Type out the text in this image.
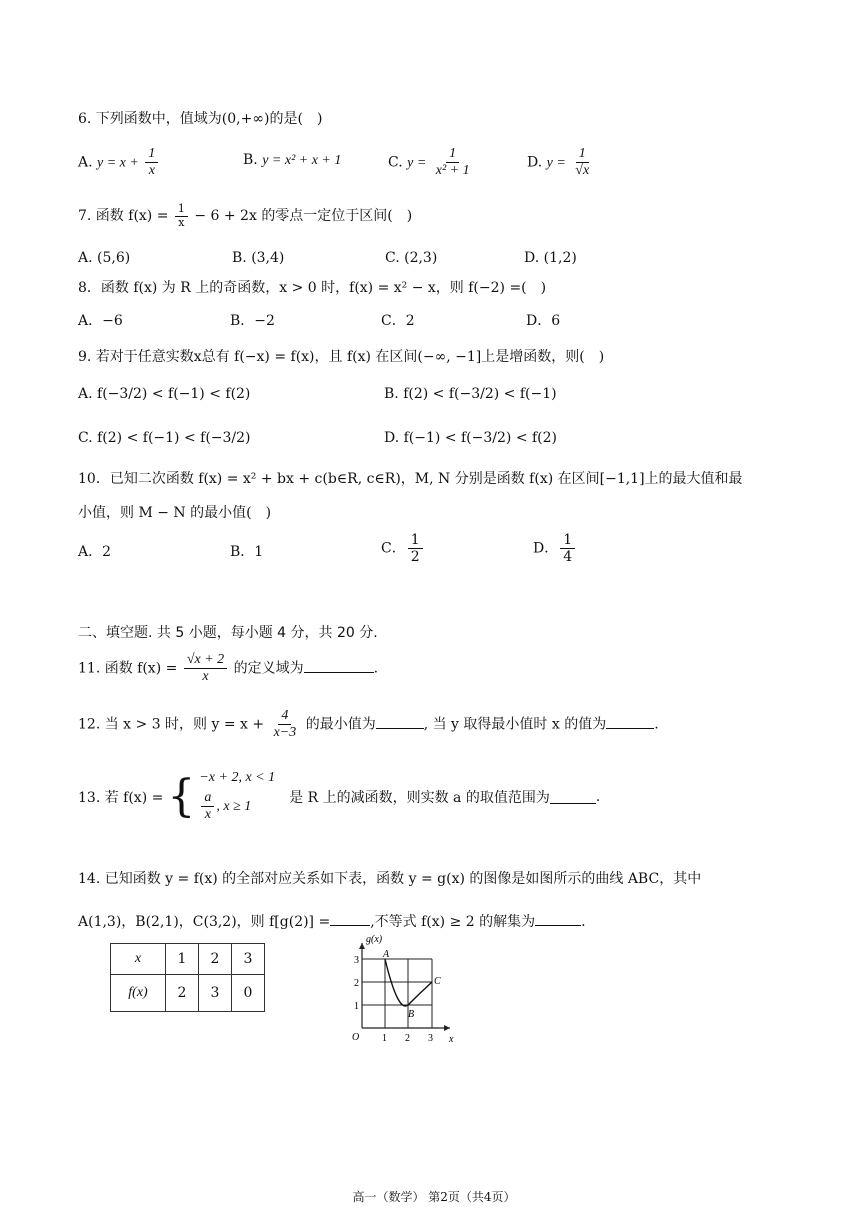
6. 下列函数中，值域为(0,+∞)的是(　)
A. $y = x + \frac{1}{x}$	B. y = x² + x + 1	C. $y = \frac{1}{\text{x² + 1}}$	D. $y = \frac{1}{√x}$
7. 函数 $f(x) = \frac{1}{x} - 6 + 2x$ 的零点一定位于区间(　)
A. (5,6)	B. (3,4)	C. (2,3)	D. (1,2)
8．函数 f(x) 为 R 上的奇函数，x > 0 时，f(x) = x² − x，则 f(−2) =(　)
A．−6	B．−2	C．2	D．6
9. 若对于任意实数x总有 f(−x) = f(x)，且 f(x) 在区间(−∞, −1]上是增函数，则(　)
A. f(−3/2) < f(−1) < f(2)	B. f(2) < f(−3/2) < f(−1)
C. f(2) < f(−1) < f(−3/2)	D. f(−1) < f(−3/2) < f(2)
10．已知二次函数 f(x) = x² + bx + c(b∈R, c∈R)，M, N 分别是函数 f(x) 在区间[−1,1]上的最大值和最
小值，则 M − N 的最小值(　)
A．2	B．1	C． $\frac{1}{2}$	D． $\frac{1}{4}$
二、填空题. 共 5 小题，每小题 4 分，共 20 分.
11. 函数 $f(x) = \frac{√x + 2}{x}$ 的定义域为	.
12. 当 x > 3 时，则 $y = x + \frac{4}{x-3}$ 的最小值为	, 当 y 取得最小值时 x 的值为	.
13. 若 f(x) = { −x + 2, x < 1
$\frac{a}{x}$ , x ≥ 1
是 R 上的减函数，则实数 a 的取值范围为	.
14. 已知函数 y = f(x) 的全部对应关系如下表，函数 y = g(x) 的图像是如图所示的曲线 ABC，其中
A(1,3)，B(2,1)，C(3,2)，则 f[g(2)] =	,不等式 f(x) ≥ 2 的解集为	.
x	1	2	3
f(x)	2	3	0
g(x)
x
O 1 2 3
1
2
3
A
B
C
高一（数学） 第2页（共4页）
